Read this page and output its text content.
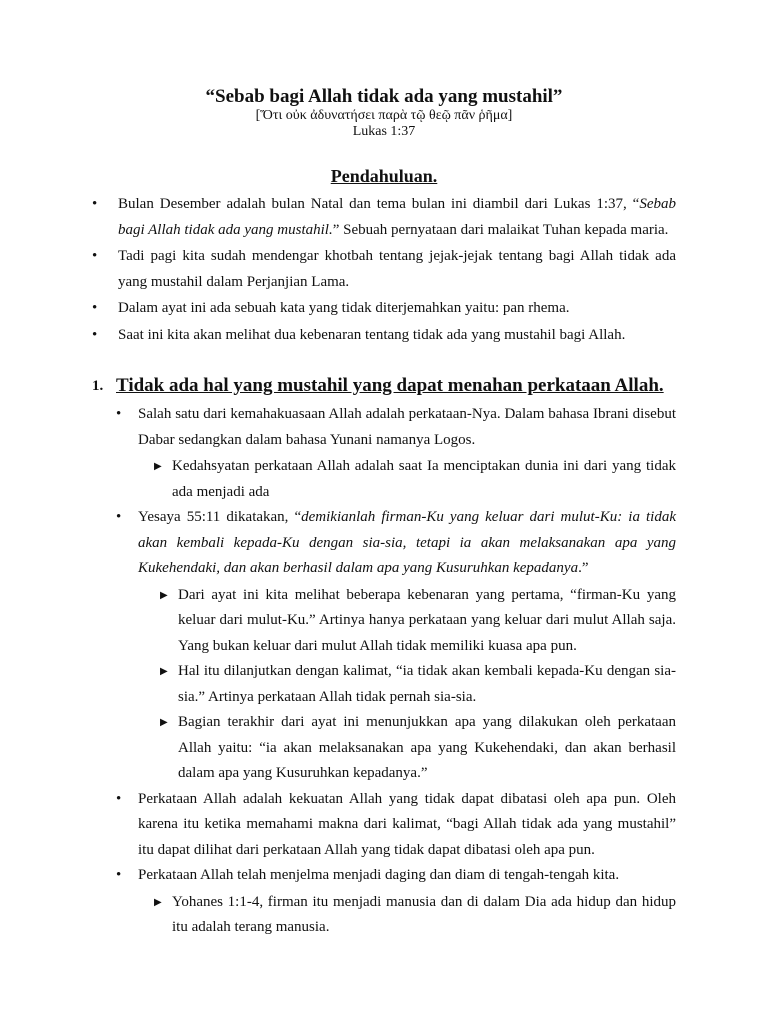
“Sebab bagi Allah tidak ada yang mustahil”
[Ὅτι οὐκ ἀδυνατήσει παρὰ τῷ θεῷ πᾶν ῥῆμα]
Lukas 1:37
Pendahuluan.
• Bulan Desember adalah bulan Natal dan tema bulan ini diambil dari Lukas 1:37, “Sebab bagi Allah tidak ada yang mustahil.” Sebuah pernyataan dari malaikat Tuhan kepada maria.
• Tadi pagi kita sudah mendengar khotbah tentang jejak-jejak tentang bagi Allah tidak ada yang mustahil dalam Perjanjian Lama.
• Dalam ayat ini ada sebuah kata yang tidak diterjemahkan yaitu: pan rhema.
• Saat ini kita akan melihat dua kebenaran tentang tidak ada yang mustahil bagi Allah.
1. Tidak ada hal yang mustahil yang dapat menahan perkataan Allah.
• Salah satu dari kemahakuasaan Allah adalah perkataan-Nya. Dalam bahasa Ibrani disebut Dabar sedangkan dalam bahasa Yunani namanya Logos.
▶ Kedahsyatan perkataan Allah adalah saat Ia menciptakan dunia ini dari yang tidak ada menjadi ada
• Yesaya 55:11 dikatakan, “demikianlah firman-Ku yang keluar dari mulut-Ku: ia tidak akan kembali kepada-Ku dengan sia-sia, tetapi ia akan melaksanakan apa yang Kukehendaki, dan akan berhasil dalam apa yang Kusuruhkan kepadanya.”
▶ Dari ayat ini kita melihat beberapa kebenaran yang pertama, “firman-Ku yang keluar dari mulut-Ku.” Artinya hanya perkataan yang keluar dari mulut Allah saja. Yang bukan keluar dari mulut Allah tidak memiliki kuasa apa pun.
▶ Hal itu dilanjutkan dengan kalimat, “ia tidak akan kembali kepada-Ku dengan sia-sia.” Artinya perkataan Allah tidak pernah sia-sia.
▶ Bagian terakhir dari ayat ini menunjukkan apa yang dilakukan oleh perkataan Allah yaitu: “ia akan melaksanakan apa yang Kukehendaki, dan akan berhasil dalam apa yang Kusuruhkan kepadanya.”
• Perkataan Allah adalah kekuatan Allah yang tidak dapat dibatasi oleh apa pun. Oleh karena itu ketika memahami makna dari kalimat, “bagi Allah tidak ada yang mustahil” itu dapat dilihat dari perkataan Allah yang tidak dapat dibatasi oleh apa pun.
• Perkataan Allah telah menjelma menjadi daging dan diam di tengah-tengah kita.
▶ Yohanes 1:1-4, firman itu menjadi manusia dan di dalam Dia ada hidup dan hidup itu adalah terang manusia.
